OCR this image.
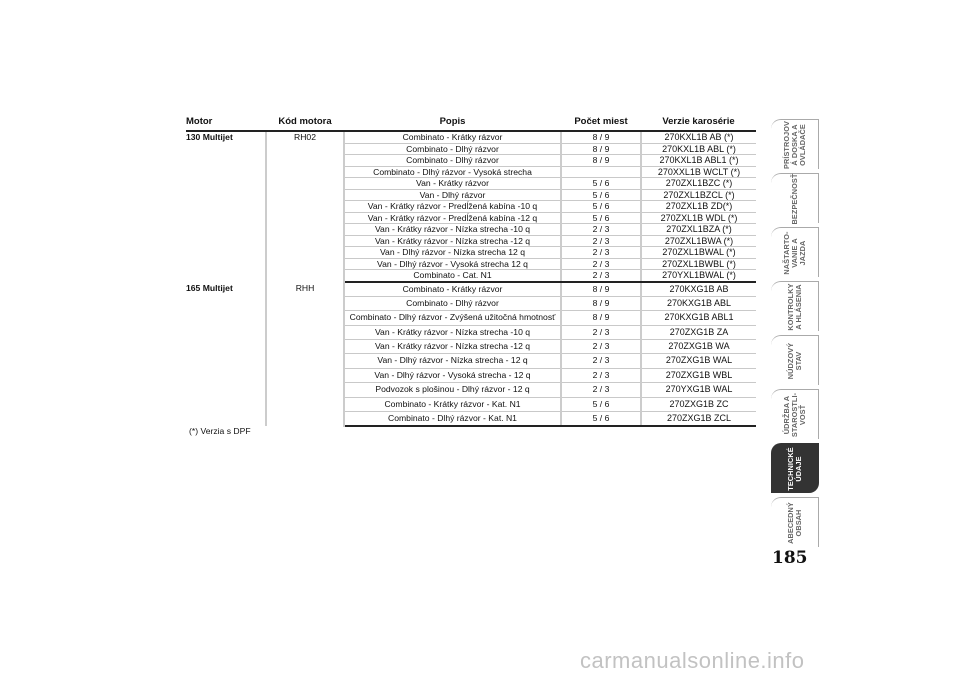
Motor	Kód motora	Popis	Počet miest	Verzie karosérie
130 Multijet	RH02	Combinato - Krátky rázvor	8 / 9	270KXL1B AB (*)
		Combinato - Dlhý rázvor	8 / 9	270KXL1B ABL (*)
		Combinato - Dlhý rázvor	8 / 9	270KXL1B ABL1 (*)
		Combinato - Dlhý rázvor - Vysoká strecha		270XXL1B WCLT (*)
		Van - Krátky rázvor	5 / 6	270ZXL1BZC (*)
		Van - Dlhý rázvor	5 / 6	270ZXL1BZCL (*)
		Van - Krátky rázvor - Predĺžená kabína -10 q	5 / 6	270ZXL1B ZD(*)
		Van - Krátky rázvor - Predĺžená kabína -12 q	5 / 6	270ZXL1B WDL (*)
		Van - Krátky rázvor - Nízka strecha -10 q	2 / 3	270ZXL1BZA (*)
		Van - Krátky rázvor - Nízka strecha -12 q	2 / 3	270ZXL1BWA (*)
		Van - Dlhý rázvor - Nízka strecha 12 q	2 / 3	270ZXL1BWAL (*)
		Van - Dlhý rázvor - Vysoká strecha 12 q	2 / 3	270ZXL1BWBL (*)
		Combinato - Cat. N1	2 / 3	270YXL1BWAL (*)
165 Multijet	RHH	Combinato - Krátky rázvor	8 / 9	270KXG1B AB
		Combinato - Dlhý rázvor	8 / 9	270KXG1B ABL
		Combinato - Dlhý rázvor - Zvýšená užitočná hmotnosť	8 / 9	270KXG1B ABL1
		Van - Krátky rázvor - Nízka strecha -10 q	2 / 3	270ZXG1B ZA
		Van - Krátky rázvor - Nízka strecha -12 q	2 / 3	270ZXG1B WA
		Van - Dlhý rázvor - Nízka strecha - 12 q	2 / 3	270ZXG1B WAL
		Van - Dlhý rázvor - Vysoká strecha - 12 q	2 / 3	270ZXG1B WBL
		Podvozok s plošinou - Dlhý rázvor - 12 q	2 / 3	270YXG1B WAL
		Combinato - Krátky rázvor - Kat. N1	5 / 6	270ZXG1B ZC
		Combinato - Dlhý rázvor - Kat. N1	5 / 6	270ZXG1B ZCL
(*) Verzia s DPF
PRÍSTROJOV
Á DOSKA A
OVLÁDAČE
BEZPEČNOSŤ
NAŠTARTO-
VANIE A
JAZDA
KONTROLKY
A HLÁSENIA
NÚDZOVÝ
STAV
ÚDRŽBA A
STAROSTLI-
VOSŤ
TECHNICKÉ
ÚDAJE
ABECEDNÝ
OBSAH
185
carmanualsonline.info
